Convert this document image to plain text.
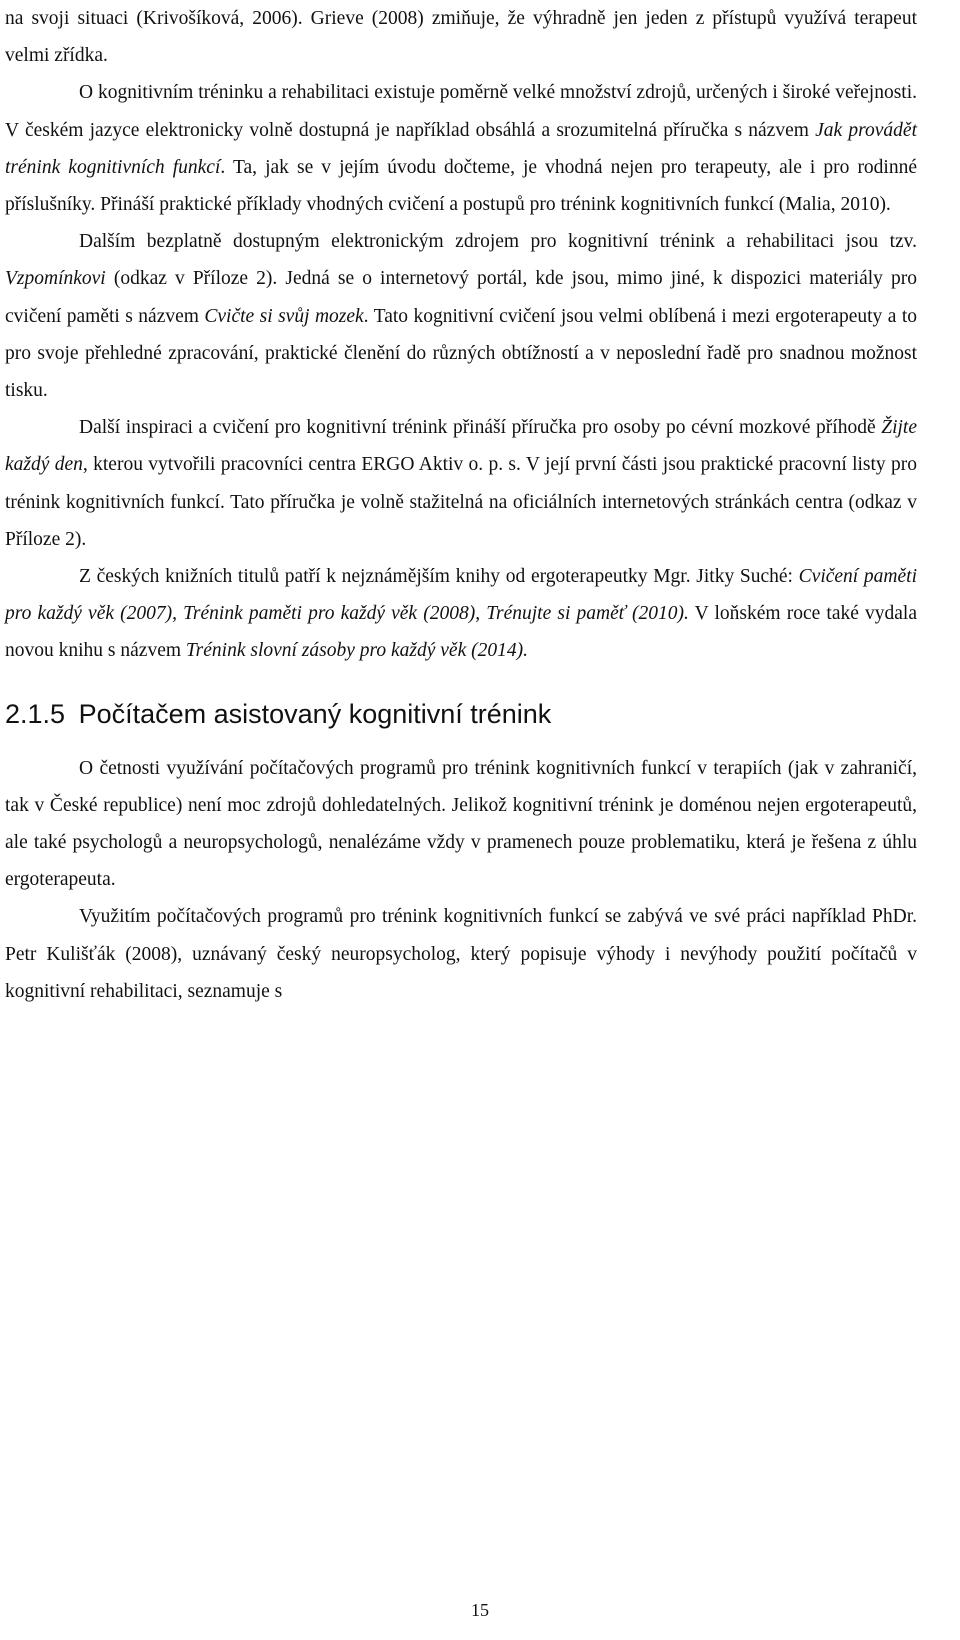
na svoji situaci (Krivošíková, 2006). Grieve (2008) zmiňuje, že výhradně jen jeden z přístupů využívá terapeut velmi zřídka.

O kognitivním tréninku a rehabilitaci existuje poměrně velké množství zdrojů, určených i široké veřejnosti. V českém jazyce elektronicky volně dostupná je například obsáhlá a srozumitelná příručka s názvem Jak provádět trénink kognitivních funkcí. Ta, jak se v jejím úvodu dočteme, je vhodná nejen pro terapeuty, ale i pro rodinné příslušníky. Přináší praktické příklady vhodných cvičení a postupů pro trénink kognitivních funkcí (Malia, 2010).

Dalším bezplatně dostupným elektronickým zdrojem pro kognitivní trénink a rehabilitaci jsou tzv. Vzpomínkovi (odkaz v Příloze 2). Jedná se o internetový portál, kde jsou, mimo jiné, k dispozici materiály pro cvičení paměti s názvem Cvičte si svůj mozek. Tato kognitivní cvičení jsou velmi oblíbená i mezi ergoterapeuty a to pro svoje přehledné zpracování, praktické členění do různých obtížností a v neposlední řadě pro snadnou možnost tisku.

Další inspiraci a cvičení pro kognitivní trénink přináší příručka pro osoby po cévní mozkové příhodě Žijte každý den, kterou vytvořili pracovníci centra ERGO Aktiv o. p. s. V její první části jsou praktické pracovní listy pro trénink kognitivních funkcí. Tato příručka je volně stažitelná na oficiálních internetových stránkách centra (odkaz v Příloze 2).

Z českých knižních titulů patří k nejznámějším knihy od ergoterapeutky Mgr. Jitky Suché: Cvičení paměti pro každý věk (2007), Trénink paměti pro každý věk (2008), Trénujte si paměť (2010). V loňském roce také vydala novou knihu s názvem Trénink slovní zásoby pro každý věk (2014).

2.1.5 Počítačem asistovaný kognitivní trénink

O četnosti využívání počítačových programů pro trénink kognitivních funkcí v terapiích (jak v zahraničí, tak v České republice) není moc zdrojů dohledatelných. Jelikož kognitivní trénink je doménou nejen ergoterapeutů, ale také psychologů a neuropsychologů, nenalézáme vždy v pramenech pouze problematiku, která je řešena z úhlu ergoterapeuta.

Využitím počítačových programů pro trénink kognitivních funkcí se zabývá ve své práci například PhDr. Petr Kulišťák (2008), uznávaný český neuropsycholog, který popisuje výhody i nevýhody použití počítačů v kognitivní rehabilitaci, seznamuje s

15
